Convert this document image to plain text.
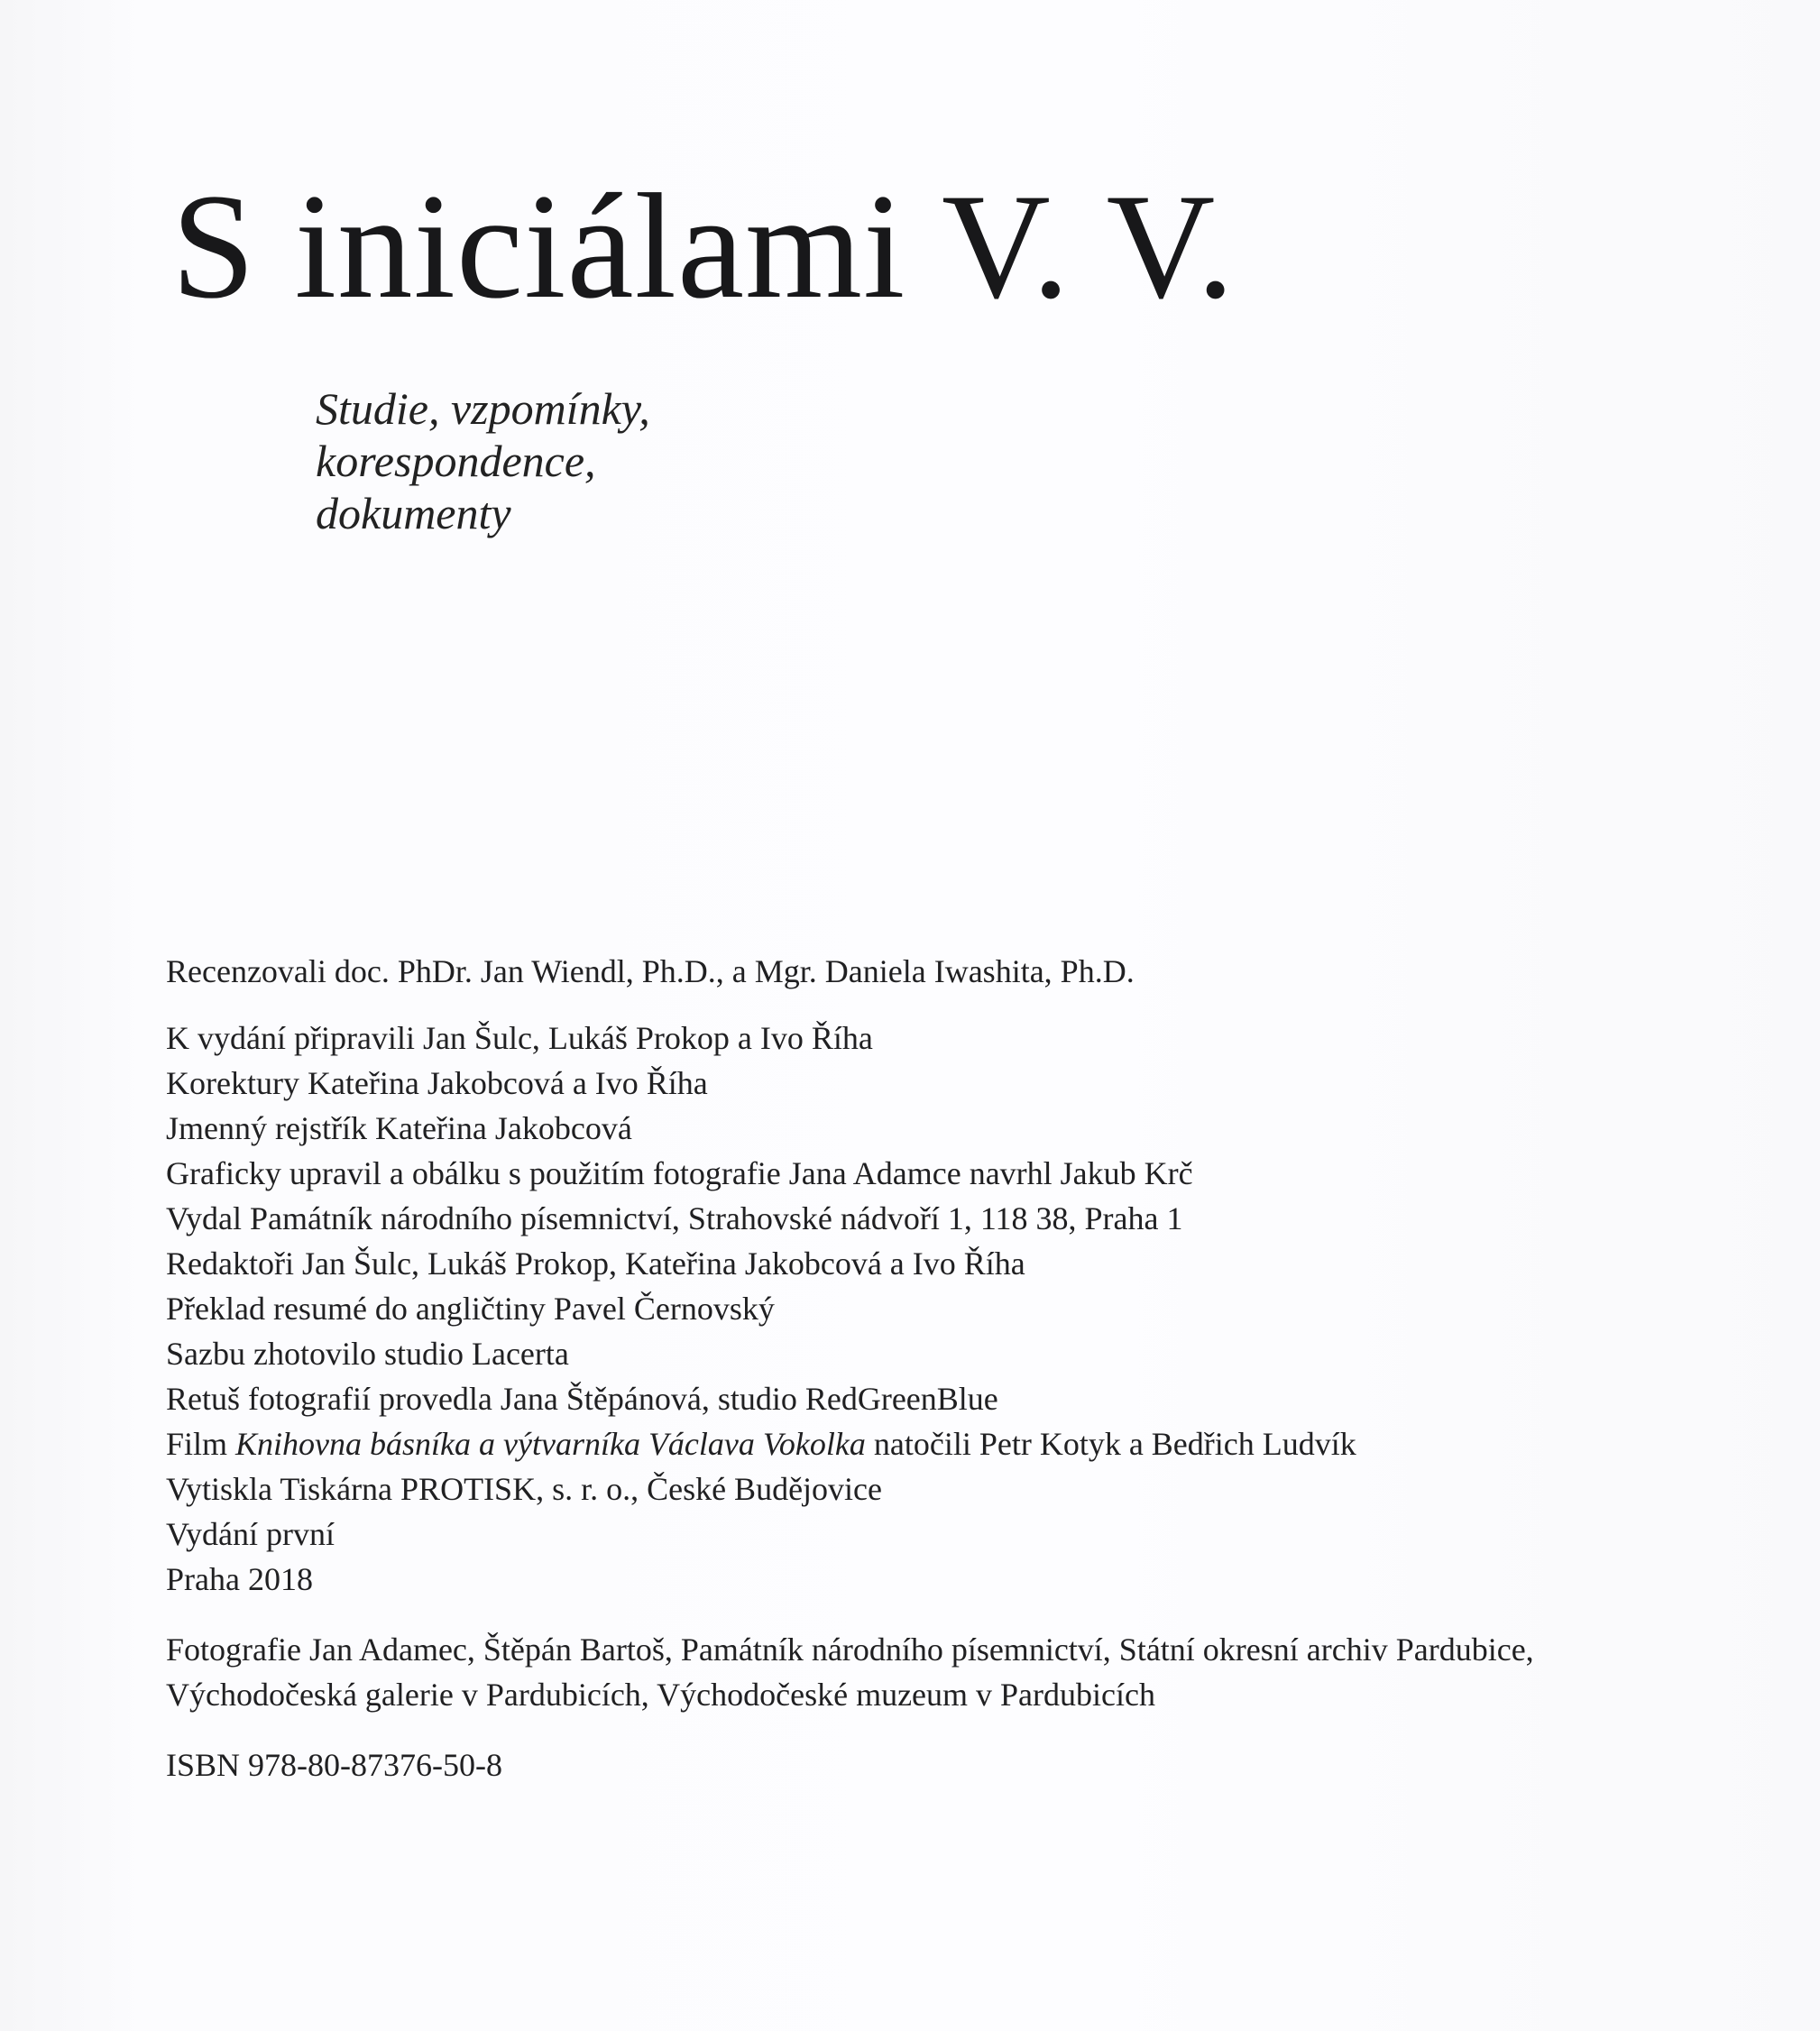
S iniciálami V. V.
Studie, vzpomínky,
korespondence,
dokumenty
Recenzovali doc. PhDr. Jan Wiendl, Ph.D., a Mgr. Daniela Iwashita, Ph.D.
K vydání připravili Jan Šulc, Lukáš Prokop a Ivo Říha
Korektury Kateřina Jakobcová a Ivo Říha
Jmenný rejstřík Kateřina Jakobcová
Graficky upravil a obálku s použitím fotografie Jana Adamce navrhl Jakub Krč
Vydal Památník národního písemnictví, Strahovské nádvoří 1, 118 38, Praha 1
Redaktoři Jan Šulc, Lukáš Prokop, Kateřina Jakobcová a Ivo Říha
Překlad resumé do angličtiny Pavel Černovský
Sazbu zhotovilo studio Lacerta
Retuš fotografií provedla Jana Štěpánová, studio RedGreenBlue
Film Knihovna básníka a výtvarníka Václava Vokolka natočili Petr Kotyk a Bedřich Ludvík
Vytiskla Tiskárna PROTISK, s. r. o., České Budějovice
Vydání první
Praha 2018
Fotografie Jan Adamec, Štěpán Bartoš, Památník národního písemnictví, Státní okresní archiv Pardubice,
Východočeská galerie v Pardubicích, Východočeské muzeum v Pardubicích
ISBN 978-80-87376-50-8
